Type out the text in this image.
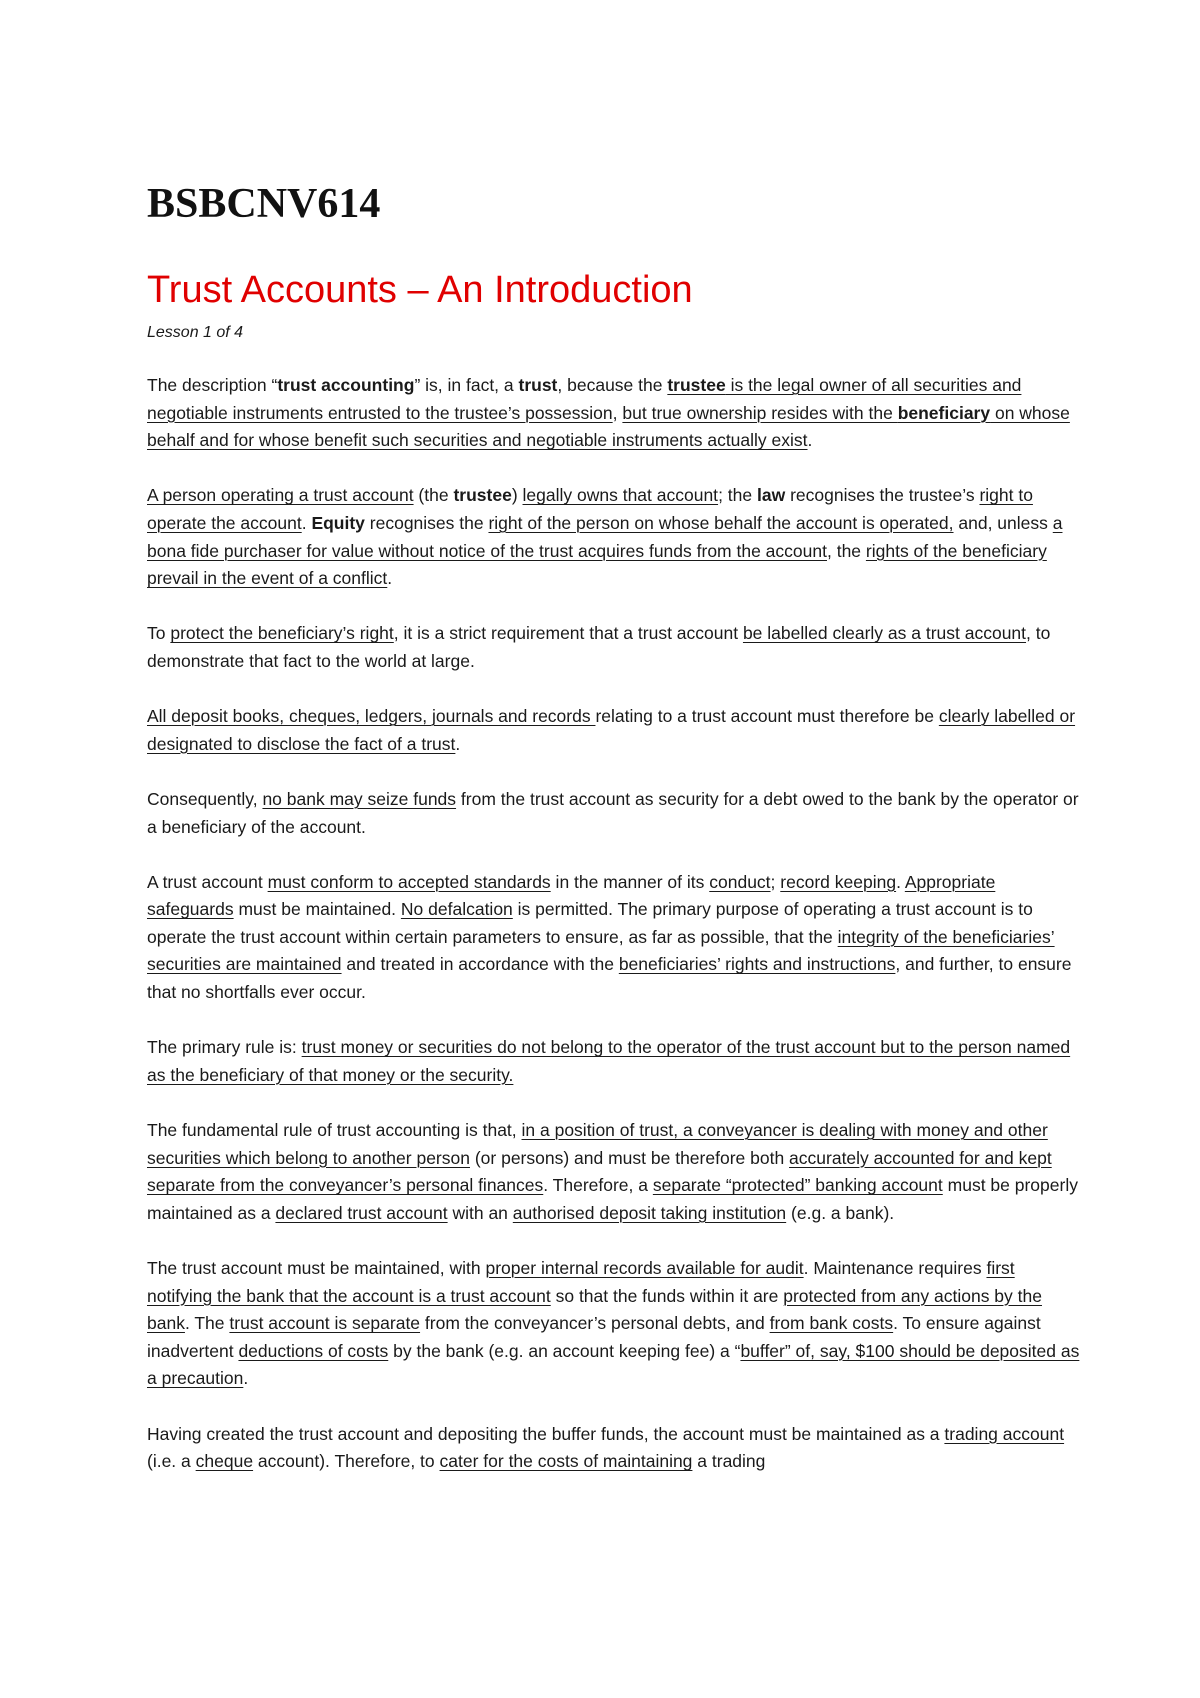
BSBCNV614
Trust Accounts – An Introduction
Lesson 1 of 4

The description “trust accounting” is, in fact, a trust, because the trustee is the legal owner of all securities and negotiable instruments entrusted to the trustee’s possession, but true ownership resides with the beneficiary on whose behalf and for whose benefit such securities and negotiable instruments actually exist.

A person operating a trust account (the trustee) legally owns that account; the law recognises the trustee’s right to operate the account. Equity recognises the right of the person on whose behalf the account is operated, and, unless a bona fide purchaser for value without notice of the trust acquires funds from the account, the rights of the beneficiary prevail in the event of a conflict.

To protect the beneficiary’s right, it is a strict requirement that a trust account be labelled clearly as a trust account, to demonstrate that fact to the world at large.

All deposit books, cheques, ledgers, journals and records relating to a trust account must therefore be clearly labelled or designated to disclose the fact of a trust.

Consequently, no bank may seize funds from the trust account as security for a debt owed to the bank by the operator or a beneficiary of the account.

A trust account must conform to accepted standards in the manner of its conduct; record keeping. Appropriate safeguards must be maintained. No defalcation is permitted. The primary purpose of operating a trust account is to operate the trust account within certain parameters to ensure, as far as possible, that the integrity of the beneficiaries’ securities are maintained and treated in accordance with the beneficiaries’ rights and instructions, and further, to ensure that no shortfalls ever occur.

The primary rule is: trust money or securities do not belong to the operator of the trust account but to the person named as the beneficiary of that money or the security.

The fundamental rule of trust accounting is that, in a position of trust, a conveyancer is dealing with money and other securities which belong to another person (or persons) and must be therefore both accurately accounted for and kept separate from the conveyancer’s personal finances. Therefore, a separate “protected” banking account must be properly maintained as a declared trust account with an authorised deposit taking institution (e.g. a bank).

The trust account must be maintained, with proper internal records available for audit. Maintenance requires first notifying the bank that the account is a trust account so that the funds within it are protected from any actions by the bank. The trust account is separate from the conveyancer’s personal debts, and from bank costs. To ensure against inadvertent deductions of costs by the bank (e.g. an account keeping fee) a “buffer” of, say, $100 should be deposited as a precaution.

Having created the trust account and depositing the buffer funds, the account must be maintained as a trading account (i.e. a cheque account). Therefore, to cater for the costs of maintaining a trading
